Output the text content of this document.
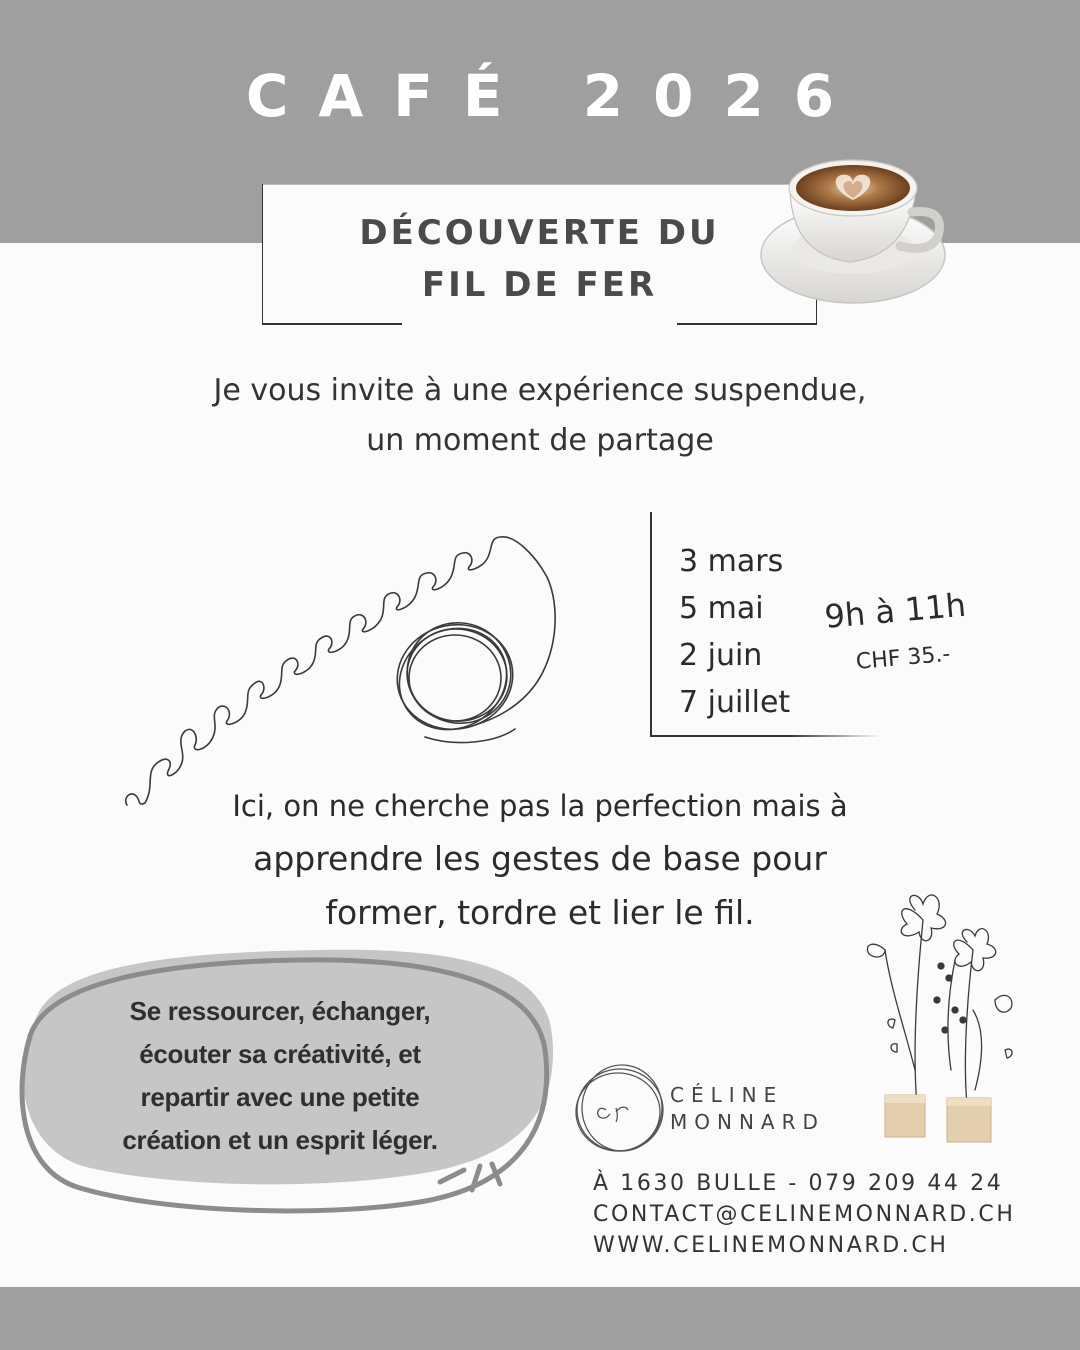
CAFÉ 2026
DÉCOUVERTE DU
FIL DE FER
Je vous invite à une expérience suspendue,
un moment de partage
3 mars
5 mai
2 juin
7 juillet
9h à 11h
CHF 35.-
Ici, on ne cherche pas la perfection mais à
apprendre les gestes de base pour
former, tordre et lier le fil.
Se ressourcer, échanger,
écouter sa créativité, et
repartir avec une petite
création et un esprit léger.
CÉLINE
MONNARD
À 1630 BULLE - 079 209 44 24
CONTACT@CELINEMONNARD.CH
WWW.CELINEMONNARD.CH
